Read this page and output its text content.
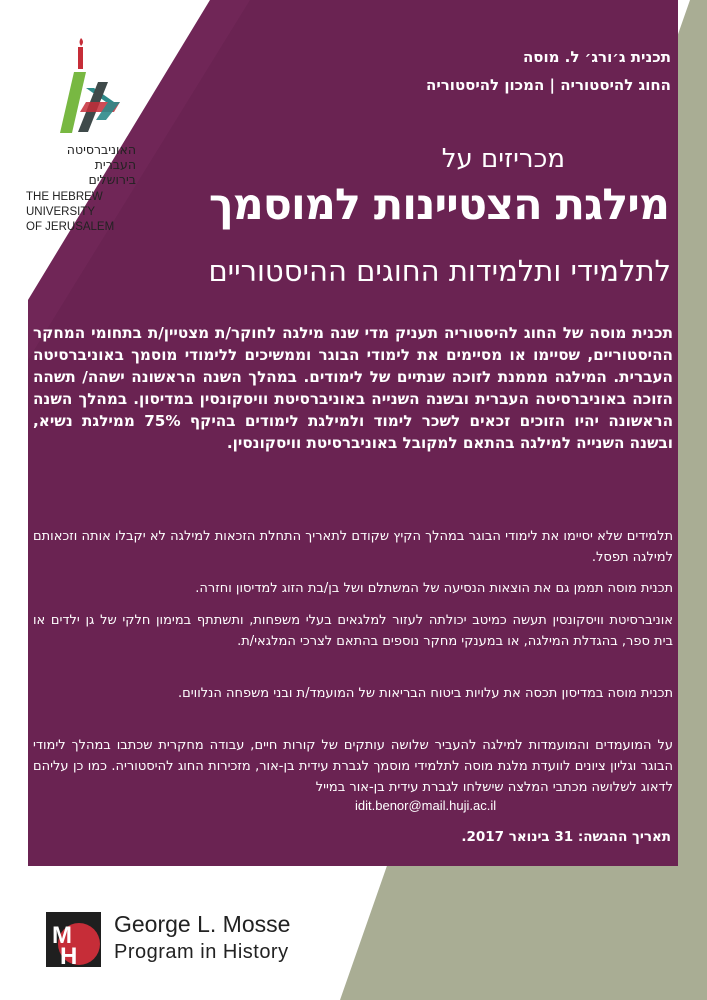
האוניברסיטה
העברית
בירושלים
THE HEBREW
UNIVERSITY
OF JERUSALEM
תכנית ג׳ורג׳ ל. מוסה
החוג להיסטוריה | המכון להיסטוריה
מכריזים על
מילגת הצטיינות למוסמך
לתלמידי ותלמידות החוגים ההיסטוריים
תכנית מוסה של החוג להיסטוריה תעניק מדי שנה מילגה לחוקר/ת מצטיין/ת בתחומי המחקר ההיסטוריים, שסיימו או מסיימים את לימודי הבוגר וממשיכים ללימודי מוסמך באוניברסיטה העברית. המילגה מממנת לזוכה שנתיים של לימודים. במהלך השנה הראשונה ישהה/ תשהה הזוכה באוניברסיטה העברית ובשנה השנייה באוניברסיטת וויסקונסין במדיסון. במהלך השנה הראשונה יהיו הזוכים זכאים לשכר לימוד ולמילגת לימודים בהיקף 75% ממילגת נשיא, ובשנה השנייה למילגה בהתאם למקובל באוניברסיטת וויסקונסין.
תלמידים שלא יסיימו את לימודי הבוגר במהלך הקיץ שקודם לתאריך התחלת הזכאות למילגה לא יקבלו אותה וזכאותם למילגה תפסל.
תכנית מוסה תממן גם את הוצאות הנסיעה של המשתלם ושל בן/בת הזוג למדיסון וחזרה.
אוניברסיטת וויסקונסין תעשה כמיטב יכולתה לעזור למלגאים בעלי משפחות, ותשתתף במימון חלקי של גן ילדים או בית ספר, בהגדלת המילגה, או במענקי מחקר נוספים בהתאם לצרכי המלגאי/ת.
תכנית מוסה במדיסון תכסה את עלויות ביטוח הבריאות של המועמד/ת ובני משפחה הנלווים.
על המועמדים והמועמדות למילגה להעביר שלושה עותקים של קורות חיים, עבודה מחקרית שכתבו במהלך לימודי הבוגר וגליון ציונים לוועדת מלגת מוסה לתלמידי מוסמך לגברת עידית בן-אור, מזכירות החוג להיסטוריה. כמו כן עליהם לדאוג לשלושה מכתבי המלצה שישלחו לגברת עידית בן-אור במייל
idit.benor@mail.huji.ac.il
תאריך ההגשה: 31 בינואר 2017.
M
H
George L. Mosse
Program in History
